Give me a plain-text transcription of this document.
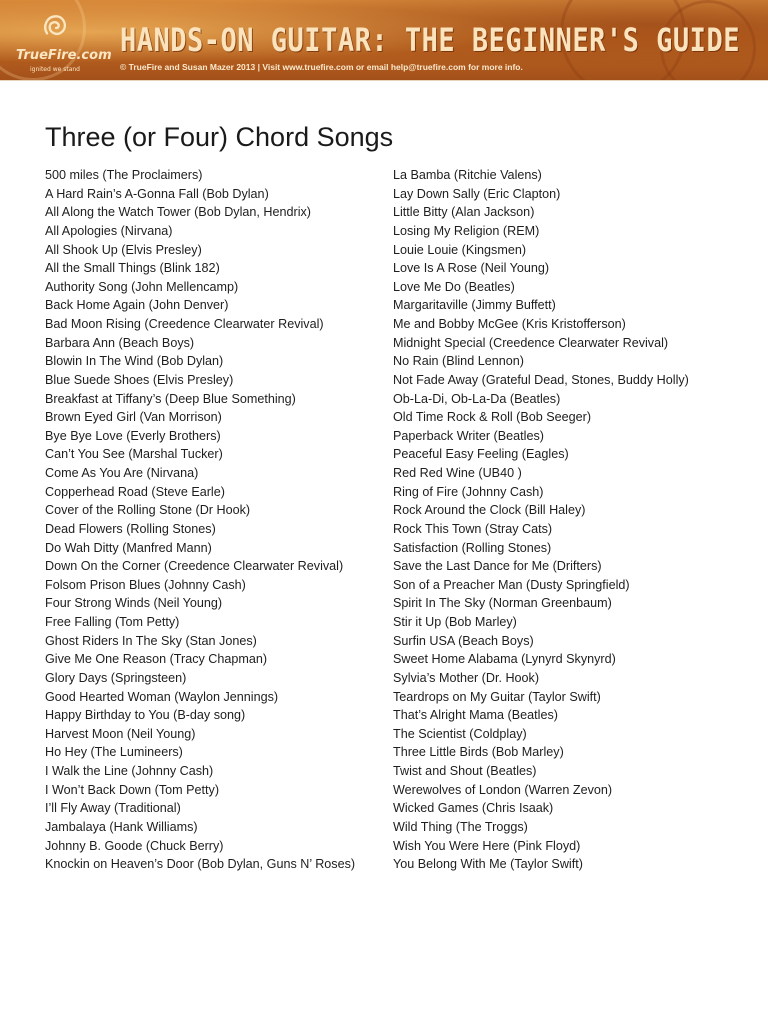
TrueFire.com
ignited we stand
HANDS-ON GUITAR: THE BEGINNER'S GUIDE
© TrueFire and Susan Mazer 2013 | Visit www.truefire.com or email help@truefire.com for more info.
Three (or Four) Chord Songs
500 miles (The Proclaimers)
A Hard Rain’s A-Gonna Fall (Bob Dylan)
All Along the Watch Tower (Bob Dylan, Hendrix)
All Apologies (Nirvana)
All Shook Up (Elvis Presley)
All the Small Things (Blink 182)
Authority Song (John Mellencamp)
Back Home Again (John Denver)
Bad Moon Rising (Creedence Clearwater Revival)
Barbara Ann (Beach Boys)
Blowin In The Wind (Bob Dylan)
Blue Suede Shoes (Elvis Presley)
Breakfast at Tiffany’s (Deep Blue Something)
Brown Eyed Girl (Van Morrison)
Bye Bye Love (Everly Brothers)
Can’t You See (Marshal Tucker)
Come As You Are (Nirvana)
Copperhead Road (Steve Earle)
Cover of the Rolling Stone (Dr Hook)
Dead Flowers (Rolling Stones)
Do Wah Ditty (Manfred Mann)
Down On the Corner (Creedence Clearwater Revival)
Folsom Prison Blues (Johnny Cash)
Four Strong Winds (Neil Young)
Free Falling (Tom Petty)
Ghost Riders In The Sky (Stan Jones)
Give Me One Reason (Tracy Chapman)
Glory Days (Springsteen)
Good Hearted Woman (Waylon Jennings)
Happy Birthday to You (B-day song)
Harvest Moon (Neil Young)
Ho Hey (The Lumineers)
I Walk the Line (Johnny Cash)
I Won’t Back Down (Tom Petty)
I’ll Fly Away (Traditional)
Jambalaya (Hank Williams)
Johnny B. Goode (Chuck Berry)
Knockin on Heaven’s Door (Bob Dylan, Guns N’ Roses)
La Bamba (Ritchie Valens)
Lay Down Sally (Eric Clapton)
Little Bitty (Alan Jackson)
Losing My Religion (REM)
Louie Louie (Kingsmen)
Love Is A Rose (Neil Young)
Love Me Do (Beatles)
Margaritaville (Jimmy Buffett)
Me and Bobby McGee (Kris Kristofferson)
Midnight Special (Creedence Clearwater Revival)
No Rain (Blind Lennon)
Not Fade Away (Grateful Dead, Stones, Buddy Holly)
Ob-La-Di, Ob-La-Da (Beatles)
Old Time Rock & Roll (Bob Seeger)
Paperback Writer (Beatles)
Peaceful Easy Feeling (Eagles)
Red Red Wine (UB40 )
Ring of Fire (Johnny Cash)
Rock Around the Clock (Bill Haley)
Rock This Town (Stray Cats)
Satisfaction (Rolling Stones)
Save the Last Dance for Me (Drifters)
Son of a Preacher Man (Dusty Springfield)
Spirit In The Sky (Norman Greenbaum)
Stir it Up (Bob Marley)
Surfin USA (Beach Boys)
Sweet Home Alabama (Lynyrd Skynyrd)
Sylvia’s Mother (Dr. Hook)
Teardrops on My Guitar (Taylor Swift)
That’s Alright Mama (Beatles)
The Scientist (Coldplay)
Three Little Birds (Bob Marley)
Twist and Shout (Beatles)
Werewolves of London (Warren Zevon)
Wicked Games (Chris Isaak)
Wild Thing (The Troggs)
Wish You Were Here (Pink Floyd)
You Belong With Me (Taylor Swift)
